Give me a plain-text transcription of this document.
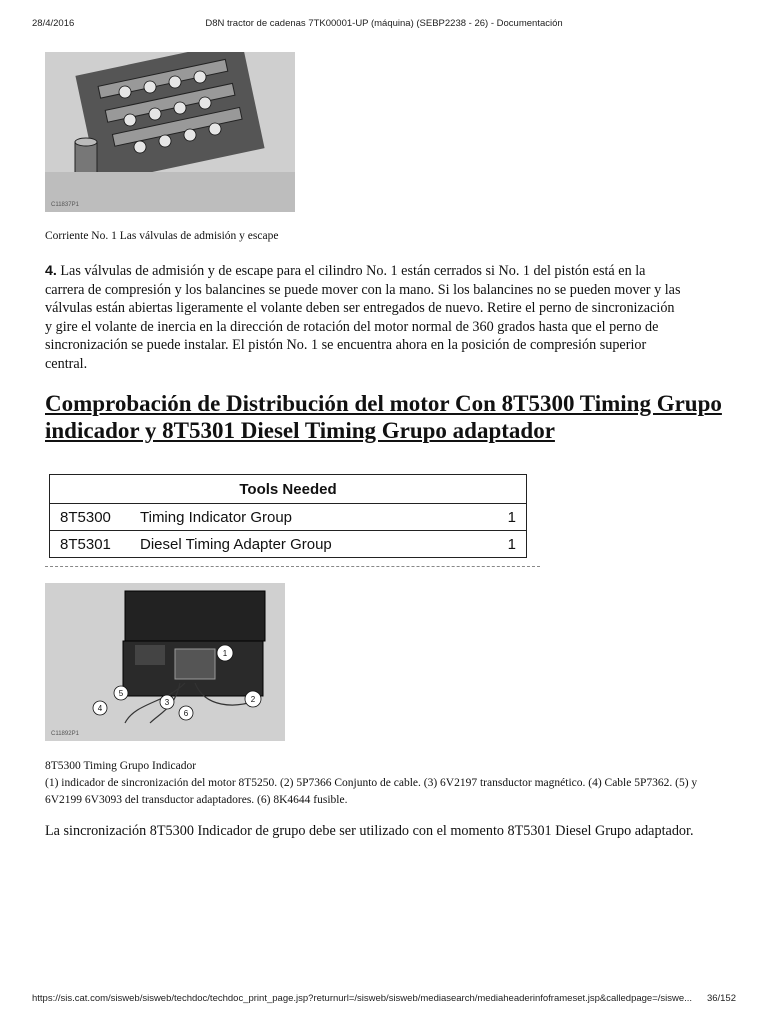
28/4/2016	D8N tractor de cadenas 7TK00001-UP (máquina) (SEBP2238 - 26) - Documentación
C11837P1
Corriente No. 1 Las válvulas de admisión y escape
4. Las válvulas de admisión y de escape para el cilindro No. 1 están cerrados si No. 1 del pistón está en la carrera de compresión y los balancines se puede mover con la mano. Si los balancines no se pueden mover y las válvulas están abiertas ligeramente el volante deben ser entregados de nuevo. Retire el perno de sincronización y gire el volante de inercia en la dirección de rotación del motor normal de 360 grados hasta que el perno de sincronización se puede instalar. El pistón No. 1 se encuentra ahora en la posición de compresión superior central.
Comprobación de Distribución del motor Con 8T5300 Timing Grupo indicador y 8T5301 Diesel Timing Grupo adaptador
Tools Needed		
8T5300	Timing Indicator Group	1
8T5301	Diesel Timing Adapter Group	1
1
2
3
4
5
6
C11892P1
8T5300 Timing Grupo Indicador
(1) indicador de sincronización del motor 8T5250. (2) 5P7366 Conjunto de cable. (3) 6V2197 transductor magnético. (4) Cable 5P7362. (5) y 6V2199 6V3093 del transductor adaptadores. (6) 8K4644 fusible.
La sincronización 8T5300 Indicador de grupo debe ser utilizado con el momento 8T5301 Diesel Grupo adaptador.
https://sis.cat.com/sisweb/sisweb/techdoc/techdoc_print_page.jsp?returnurl=/sisweb/sisweb/mediasearch/mediaheaderinfoframeset.jsp&calledpage=/siswe... 36/152
